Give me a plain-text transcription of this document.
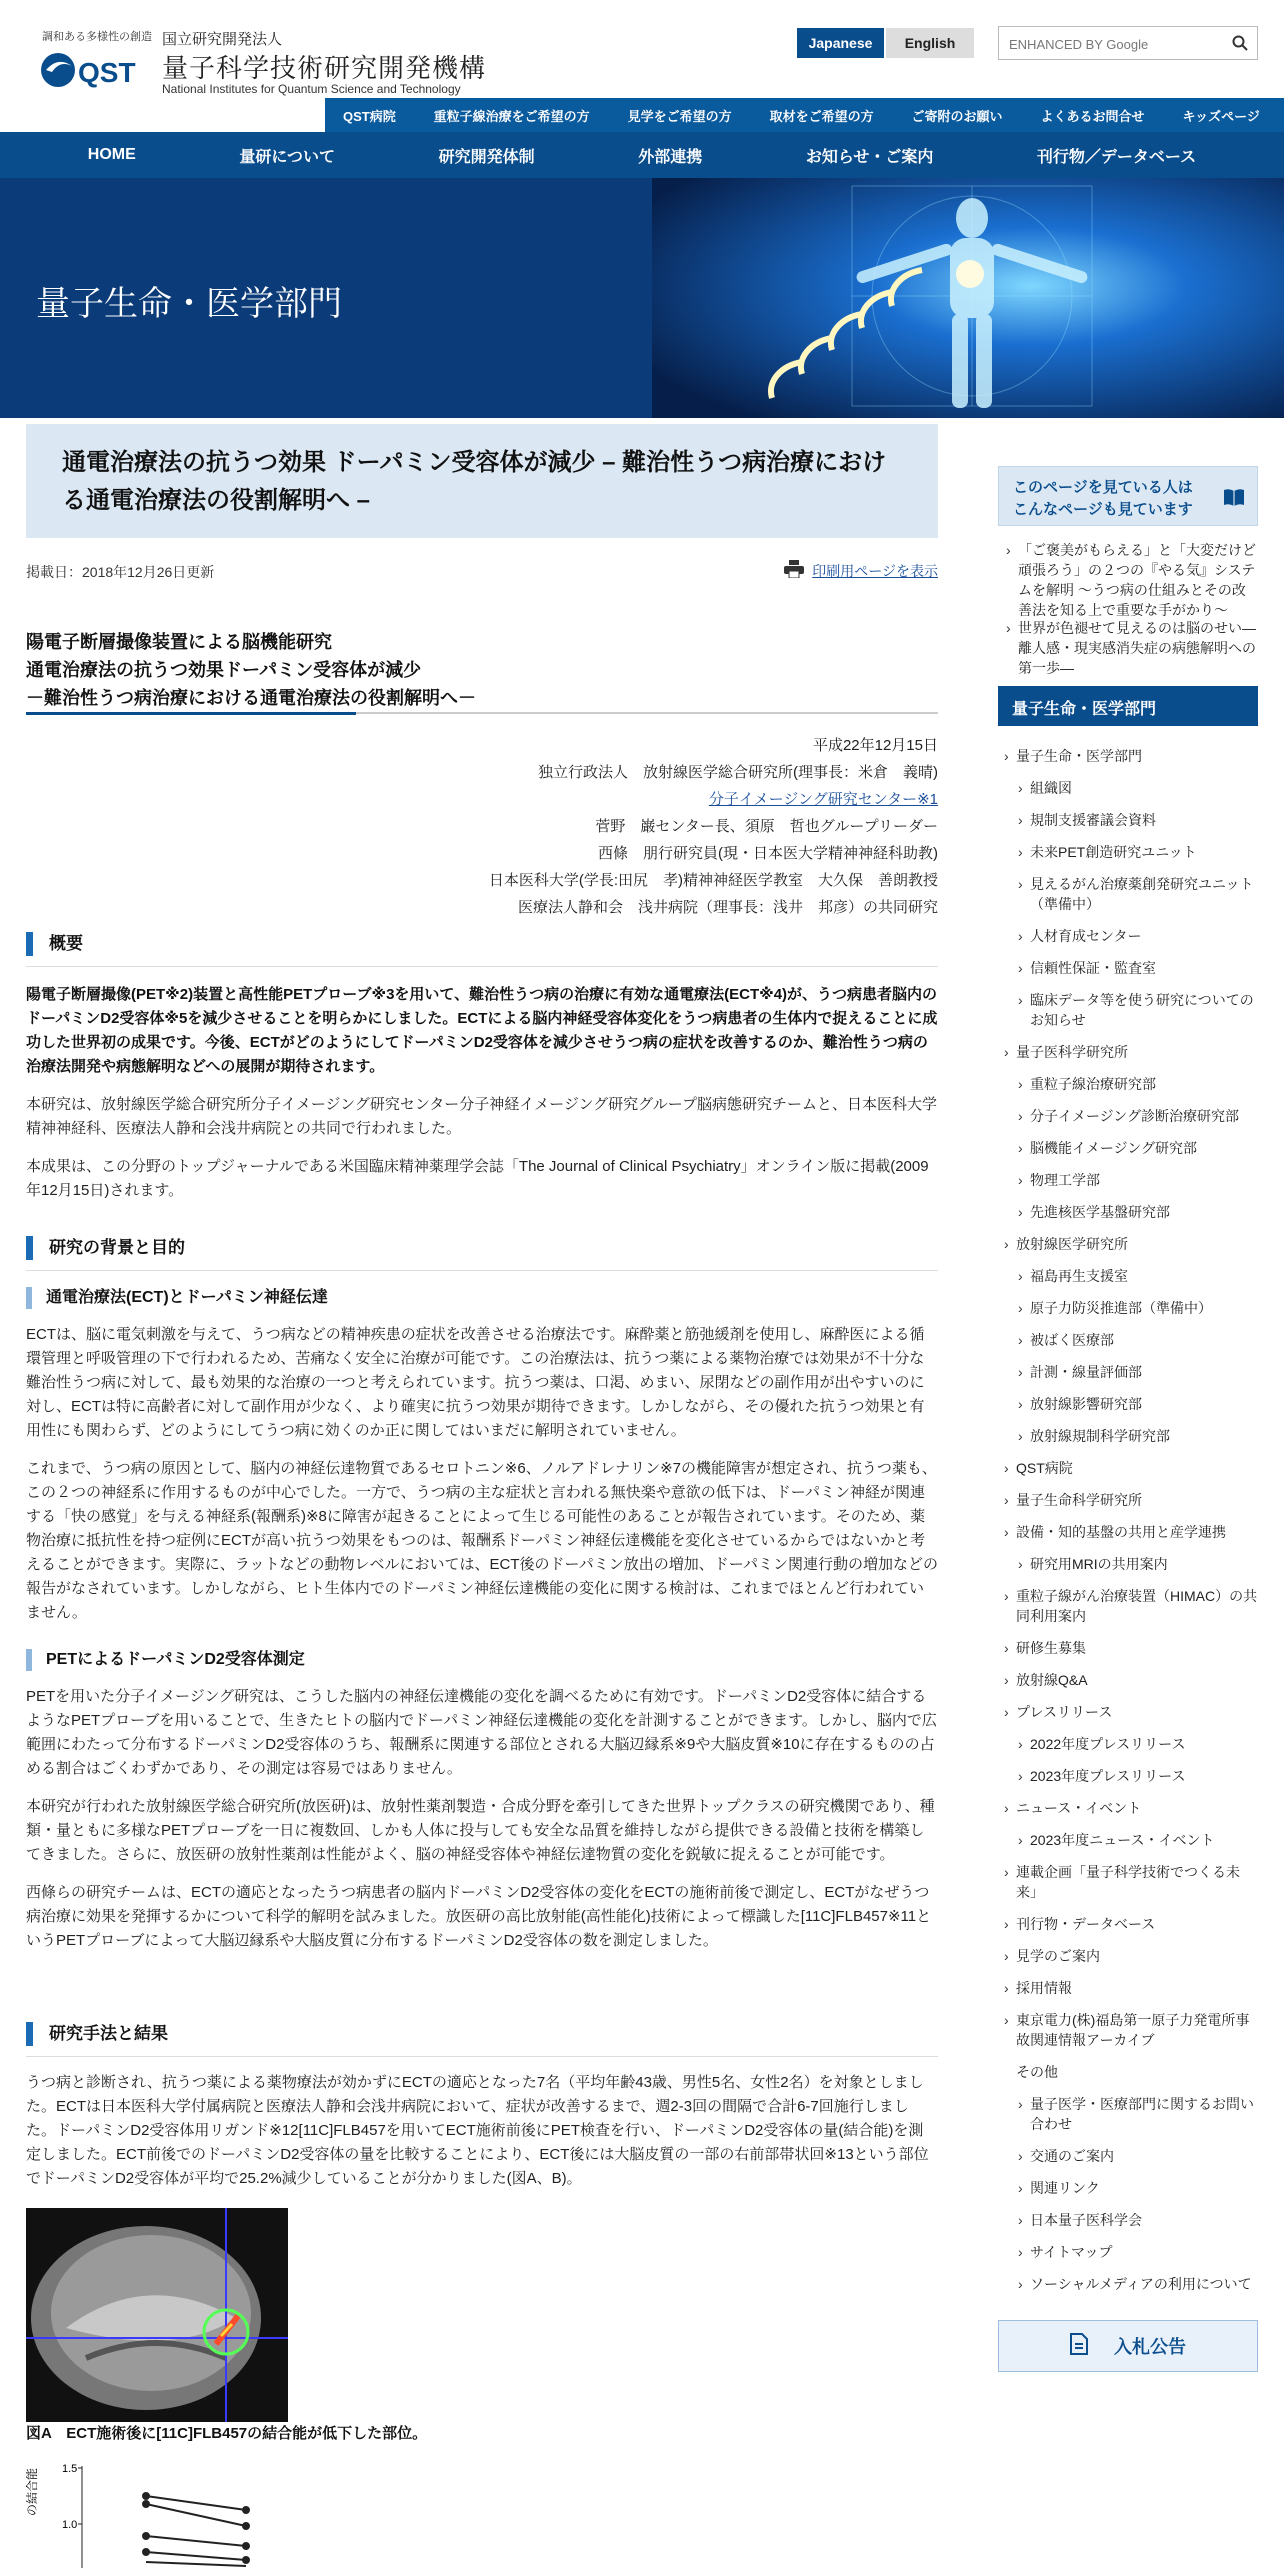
調和ある多様性の創造
QST
国立研究開発法人
量子科学技術研究開発機構
National Institutes for Quantum Science and Technology
Japanese	English	ENHANCED BY Google
QST病院	重粒子線治療をご希望の方	見学をご希望の方	取材をご希望の方	ご寄附のお願い	よくあるお問合せ	キッズページ
HOME	量研について	研究開発体制	外部連携	お知らせ・ご案内	刊行物／データベース
量子生命・医学部門
通電治療法の抗うつ効果 ドーパミン受容体が減少 – 難治性うつ病治療における通電治療法の役割解明へ –
掲載日：2018年12月26日更新	印刷用ページを表示
陽電子断層撮像装置による脳機能研究
通電治療法の抗うつ効果ドーパミン受容体が減少
－難治性うつ病治療における通電治療法の役割解明へ－
平成22年12月15日
独立行政法人　放射線医学総合研究所(理事長：米倉　義晴)
分子イメージング研究センター※1
菅野　巌センター長、須原　哲也グループリーダー
西條　朋行研究員(現・日本医大学精神神経科助教)
日本医科大学(学長:田尻　孝)精神神経医学教室　大久保　善朗教授
医療法人静和会　浅井病院（理事長：浅井　邦彦）の共同研究
概要
陽電子断層撮像(PET※2)装置と高性能PETプローブ※3を用いて、難治性うつ病の治療に有効な通電療法(ECT※4)が、うつ病患者脳内のドーパミンD2受容体※5を減少させることを明らかにしました。ECTによる脳内神経受容体変化をうつ病患者の生体内で捉えることに成功した世界初の成果です。今後、ECTがどのようにしてドーパミンD2受容体を減少させうつ病の症状を改善するのか、難治性うつ病の治療法開発や病態解明などへの展開が期待されます。
本研究は、放射線医学総合研究所分子イメージング研究センター分子神経イメージング研究グループ脳病態研究チームと、日本医科大学精神神経科、医療法人静和会浅井病院との共同で行われました。
本成果は、この分野のトップジャーナルである米国臨床精神薬理学会誌「The Journal of Clinical Psychiatry」オンライン版に掲載(2009年12月15日)されます。
研究の背景と目的
通電治療法(ECT)とドーパミン神経伝達
ECTは、脳に電気刺激を与えて、うつ病などの精神疾患の症状を改善させる治療法です。麻酔薬と筋弛緩剤を使用し、麻酔医による循環管理と呼吸管理の下で行われるため、苦痛なく安全に治療が可能です。この治療法は、抗うつ薬による薬物治療では効果が不十分な難治性うつ病に対して、最も効果的な治療の一つと考えられています。抗うつ薬は、口渇、めまい、尿閉などの副作用が出やすいのに対し、ECTは特に高齢者に対して副作用が少なく、より確実に抗うつ効果が期待できます。しかしながら、その優れた抗うつ効果と有用性にも関わらず、どのようにしてうつ病に効くのか正に関してはいまだに解明されていません。
これまで、うつ病の原因として、脳内の神経伝達物質であるセロトニン※6、ノルアドレナリン※7の機能障害が想定され、抗うつ薬も、この２つの神経系に作用するものが中心でした。一方で、うつ病の主な症状と言われる無快楽や意欲の低下は、ドーパミン神経が関連する「快の感覚」を与える神経系(報酬系)※8に障害が起きることによって生じる可能性のあることが報告されています。そのため、薬物治療に抵抗性を持つ症例にECTが高い抗うつ効果をもつのは、報酬系ドーパミン神経伝達機能を変化させているからではないかと考えることができます。実際に、ラットなどの動物レベルにおいては、ECT後のドーパミン放出の増加、ドーパミン関連行動の増加などの報告がなされています。しかしながら、ヒト生体内でのドーパミン神経伝達機能の変化に関する検討は、これまでほとんど行われていません。
PETによるドーパミンD2受容体測定
PETを用いた分子イメージング研究は、こうした脳内の神経伝達機能の変化を調べるために有効です。ドーパミンD2受容体に結合するようなPETプローブを用いることで、生きたヒトの脳内でドーパミン神経伝達機能の変化を計測することができます。しかし、脳内で広範囲にわたって分布するドーパミンD2受容体のうち、報酬系に関連する部位とされる大脳辺縁系※9や大脳皮質※10に存在するものの占める割合はごくわずかであり、その測定は容易ではありません。
本研究が行われた放射線医学総合研究所(放医研)は、放射性薬剤製造・合成分野を牽引してきた世界トップクラスの研究機関であり、種類・量ともに多様なPETプローブを一日に複数回、しかも人体に投与しても安全な品質を維持しながら提供できる設備と技術を構築してきました。さらに、放医研の放射性薬剤は性能がよく、脳の神経受容体や神経伝達物質の変化を鋭敏に捉えることが可能です。
西條らの研究チームは、ECTの適応となったうつ病患者の脳内ドーパミンD2受容体の変化をECTの施術前後で測定し、ECTがなぜうつ病治療に効果を発揮するかについて科学的解明を試みました。放医研の高比放射能(高性能化)技術によって標識した[11C]FLB457※11というPETプローブによって大脳辺縁系や大脳皮質に分布するドーパミンD2受容体の数を測定しました。
研究手法と結果
うつ病と診断され、抗うつ薬による薬物療法が効かずにECTの適応となった7名（平均年齢43歳、男性5名、女性2名）を対象としました。ECTは日本医科大学付属病院と医療法人静和会浅井病院において、症状が改善するまで、週2-3回の間隔で合計6-7回施行しました。ドーパミンD2受容体用リガンド※12[11C]FLB457を用いてECT施術前後にPET検査を行い、ドーパミンD2受容体の量(結合能)を測定しました。ECT前後でのドーパミンD2受容体の量を比較することにより、ECT後には大脳皮質の一部の右前部帯状回※13という部位でドーパミンD2受容体が平均で25.2%減少していることが分かりました(図A、B)。
図A　ECT施術後に[11C]FLB457の結合能が低下した部位。
の結合能 1.5
1.0
このページを見ている人は
こんなページも見ています
› 「ご褒美がもらえる」と「大変だけど頑張ろう」の２つの『やる気』システムを解明 〜うつ病の仕組みとその改善法を知る上で重要な手がかり〜
› 世界が色褪せて見えるのは脳のせい―離人感・現実感消失症の病態解明への第一歩―
量子生命・医学部門
› 量子生命・医学部門
› 組織図
› 規制支援審議会資料
› 未来PET創造研究ユニット
› 見えるがん治療薬創発研究ユニット（準備中）
› 人材育成センター
› 信頼性保証・監査室
› 臨床データ等を使う研究についてのお知らせ
› 量子医科学研究所
› 重粒子線治療研究部
› 分子イメージング診断治療研究部
› 脳機能イメージング研究部
› 物理工学部
› 先進核医学基盤研究部
› 放射線医学研究所
› 福島再生支援室
› 原子力防災推進部（準備中）
› 被ばく医療部
› 計測・線量評価部
› 放射線影響研究部
› 放射線規制科学研究部
› QST病院
› 量子生命科学研究所
› 設備・知的基盤の共用と産学連携
› 研究用MRIの共用案内
› 重粒子線がん治療装置（HIMAC）の共同利用案内
› 研修生募集
› 放射線Q&A
› プレスリリース
› 2022年度プレスリリース
› 2023年度プレスリリース
› ニュース・イベント
› 2023年度ニュース・イベント
› 連載企画「量子科学技術でつくる未来」
› 刊行物・データベース
› 見学のご案内
› 採用情報
› 東京電力(株)福島第一原子力発電所事故関連情報アーカイブ
その他
› 量子医学・医療部門に関するお問い合わせ
› 交通のご案内
› 関連リンク
› 日本量子医科学会
› サイトマップ
› ソーシャルメディアの利用について
入札公告
